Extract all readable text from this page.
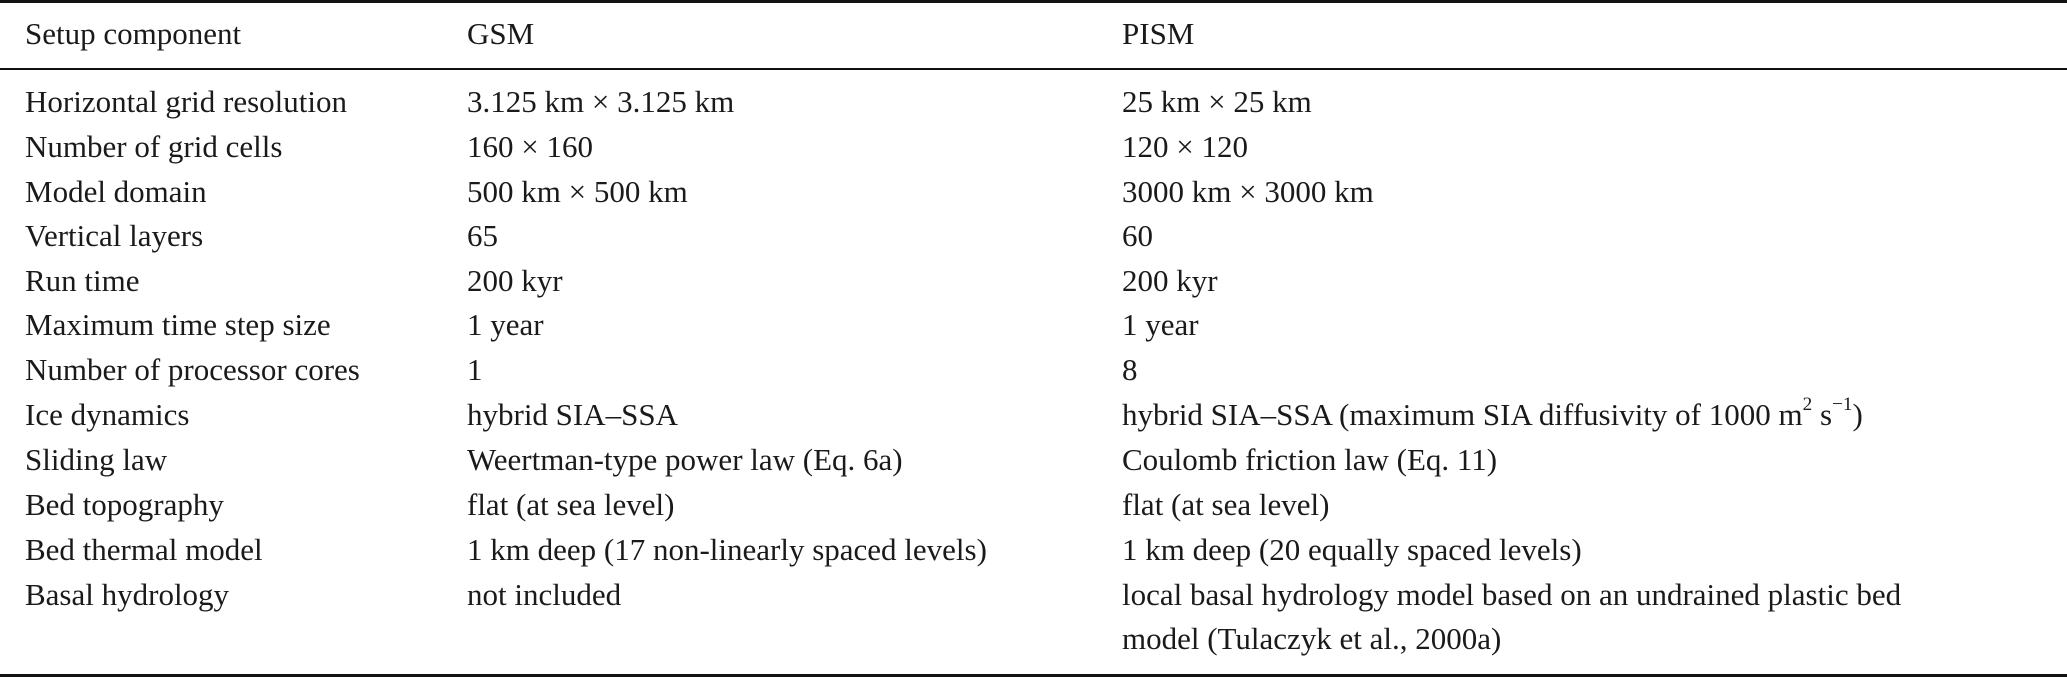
Setup component	GSM	PISM
Horizontal grid resolution	3.125 km × 3.125 km	25 km × 25 km
Number of grid cells	160 × 160	120 × 120
Model domain	500 km × 500 km	3000 km × 3000 km
Vertical layers	65	60
Run time	200 kyr	200 kyr
Maximum time step size	1 year	1 year
Number of processor cores	1	8
Ice dynamics	hybrid SIA–SSA	hybrid SIA–SSA (maximum SIA diffusivity of 1000 $m^2$ $s^{-1}$)
Sliding law	Weertman-type power law (Eq. 6a)	Coulomb friction law (Eq. 11)
Bed topography	flat (at sea level)	flat (at sea level)
Bed thermal model	1 km deep (17 non-linearly spaced levels)	1 km deep (20 equally spaced levels)
Basal hydrology	not included	local basal hydrology model based on an undrained plastic bed
model (Tulaczyk et al., 2000a)
